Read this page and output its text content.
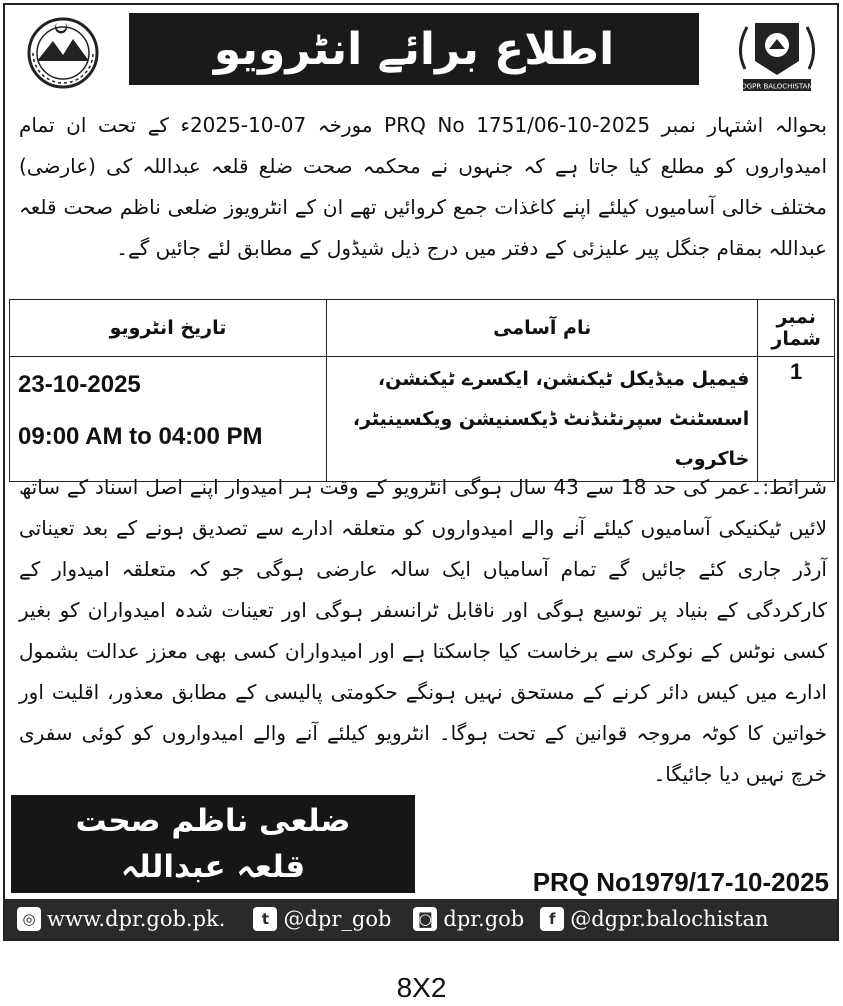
اطلاع برائے انٹرویو
DGPR BALOCHISTAN

بحوالہ اشتہار نمبر PRQ No 1751/06-10-2025 مورخہ 07-10-2025ء کے تحت ان تمام امیدواروں کو مطلع کیا جاتا ہے کہ جنہوں نے محکمہ صحت ضلع قلعہ عبداللہ کی (عارضی) مختلف خالی آسامیوں کیلئے اپنے کاغذات جمع کروائیں تھے ان کے انٹرویوز ضلعی ناظم صحت قلعہ عبداللہ بمقام جنگل پیر علیزئی کے دفتر میں درج ذیل شیڈول کے مطابق لئے جائیں گے۔

تاریخ انٹرویو	نام آسامی	نمبر شمار

23-10-2025
09:00 AM to 04:00 PM	فیمیل میڈیکل ٹیکنشن، ایکسرے ٹیکنشن، اسسٹنٹ سپرنٹنڈنٹ ڈیکسنیشن ویکسینیٹر، خاکروب	1

شرائط:۔عمر کی حد 18 سے 43 سال ہوگی انٹرویو کے وقت ہر امیدوار اپنے اصل اسناد کے ساتھ لائیں ٹیکنیکی آسامیوں کیلئے آنے والے امیدواروں کو متعلقہ ادارے سے تصدیق ہونے کے بعد تعیناتی آرڈر جاری کئے جائیں گے تمام آسامیاں ایک سالہ عارضی ہوگی جو کہ متعلقہ امیدوار کے کارکردگی کے بنیاد پر توسیع ہوگی اور ناقابل ٹرانسفر ہوگی اور تعینات شدہ امیدواران کو بغیر کسی نوٹس کے نوکری سے برخاست کیا جاسکتا ہے اور امیدواران کسی بھی معزز عدالت بشمول ادارے میں کیس دائر کرنے کے مستحق نہیں ہونگے حکومتی پالیسی کے مطابق معذور، اقلیت اور خواتین کا کوٹہ مروجہ قوانین کے تحت ہوگا۔ انٹرویو کیلئے آنے والے امیدواروں کو کوئی سفری خرچ نہیں دیا جائیگا۔

ضلعی ناظم صحت
قلعہ عبداللہ	PRQ No1979/17-10-2025
◎ www.dpr.gob.pk.	t @dpr_gob	◙ dpr.gob	f @dgpr.balochistan
8X2
